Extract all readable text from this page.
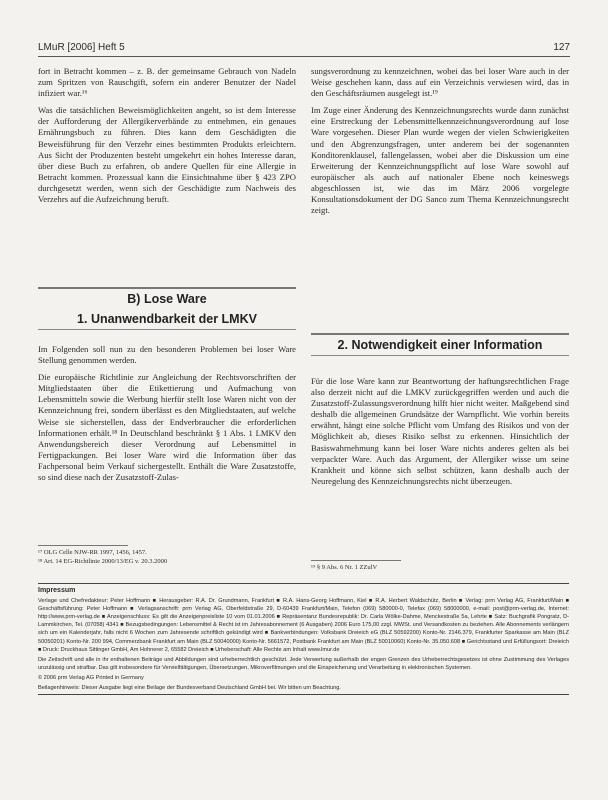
LMuR [2006] Heft 5	127

fort in Betracht kommen – z. B. der gemeinsame Gebrauch von Nadeln zum Spritzen von Rauschgift, sofern ein anderer Benutzer der Nadel infiziert war.¹⁶

Was die tatsächlichen Beweismöglichkeiten angeht, so ist dem Interesse der Aufforderung der Allergikerverbände zu entnehmen, ein genaues Ernährungsbuch zu führen. Dies kann dem Geschädigten die Beweisführung für den Verzehr eines bestimmten Produkts erleichtern. Aus Sicht der Produzenten besteht umgekehrt ein hohes Interesse daran, über diese Buch zu erfahren, ob andere Quellen für eine Allergie in Betracht kommen. Prozessual kann die Einsichtnahme über § 423 ZPO durchgesetzt werden, wenn sich der Geschädigte zum Nachweis des Verzehrs auf die Aufzeichnung beruft.

B) Lose Ware
1. Unanwendbarkeit der LMKV

Im Folgenden soll nun zu den besonderen Problemen bei loser Ware Stellung genommen werden.

Die europäische Richtlinie zur Angleichung der Rechtsvorschriften der Mitgliedstaaten über die Etikettierung und Aufmachung von Lebensmitteln sowie die Werbung hierfür stellt lose Waren nicht von der Kennzeichnung frei, sondern überlässt es den Mitgliedstaaten, auf welche Weise sie sicherstellen, dass der Endverbraucher die erforderlichen Informationen erhält.¹⁸ In Deutschland beschränkt § 1 Abs. 1 LMKV den Anwendungsbereich dieser Verordnung auf Lebensmittel in Fertigpackungen. Bei loser Ware wird die Information über das Fachpersonal beim Verkauf sichergestellt. Enthält die Ware Zusatzstoffe, so sind diese nach der Zusatzstoff-Zulas-

¹⁷ OLG Celle NJW-RR 1997, 1456, 1457.
¹⁸ Art. 14 EG-Richtlinie 2000/13/EG v. 20.3.2000

sungsverordnung zu kennzeichnen, wobei das bei loser Ware auch in der Weise geschehen kann, dass auf ein Verzeichnis verwiesen wird, das in den Geschäftsräumen ausgelegt ist.¹⁹

Im Zuge einer Änderung des Kennzeichnungsrechts wurde dann zunächst eine Erstreckung der Lebensmittelkennzeichnungsverordnung auf lose Ware vorgesehen. Dieser Plan wurde wegen der vielen Schwierigkeiten und den Abgrenzungsfragen, unter anderem bei der sogenannten Konditorenklausel, fallengelassen, wobei aber die Diskussion um eine Erweiterung der Kennzeichnungspflicht auf lose Ware sowohl auf europäischer als auch auf nationaler Ebene noch keineswegs abgeschlossen ist, wie das im März 2006 vorgelegte Konsultationsdokument der DG Sanco zum Thema Kennzeichnungsrecht zeigt.

2. Notwendigkeit einer Information

Für die lose Ware kann zur Beantwortung der haftungsrechtlichen Frage also derzeit nicht auf die LMKV zurückgegriffen werden und auch die Zusatzstoff-Zulassungsverordnung hilft hier nicht weiter. Maßgebend sind deshalb die allgemeinen Grundsätze der Warnpflicht. Wie vorhin bereits erwähnt, hängt eine solche Pflicht vom Umfang des Risikos und von der Möglichkeit ab, dieses Risiko selbst zu erkennen. Hinsichtlich der Basiswahrnehmung kann bei loser Ware nichts anderes gelten als bei verpackter Ware. Auch das Argument, der Allergiker wisse um seine Krankheit und könne sich selbst schützen, kann deshalb auch der Neuregelung des Kennzeichnungsrechts nicht überzeugen.

¹⁹ § 9 Abs. 6 Nr. 1 ZZulV
Impressum

Verlage und Chefredakteur: Peter Hoffmann ■ Herausgeber: R.A. Dr. Grundmann, Frankfurt ■ R.A. Hans-Georg Hoffmann, Kiel ■ R.A. Herbert Waldschütz, Berlin ■ Verlag: prm Verlag AG, Frankfurt/Main ■ Geschäftsführung: Peter Hoffmann ■ Verlagsanschrift: prm Verlag AG, Oberfeldstraße 29, D-60439 Frankfurt/Main, Telefon (069) 580000-0, Telefax (069) 58000000, e-mail: post@prm-verlag.de, Internet: http://www.prm-verlag.de ■ Anzeigenschluss: Es gilt die Anzeigenpreisliste 10 vom 01.01.2006 ■ Repräsentanz Bundesrepublik: Dr. Carla Wölke-Dahme, Menckestraße 5a, Lehrte ■ Satz: Buchgrafik Pongratz, D-Lammkirchen, Tel. (07058) 4341 ■ Bezugsbedingungen: Lebensmittel & Recht ist im Jahresabonnement (6 Ausgaben) 2006 Euro 175,00 zzgl. MWSt. und Versandkosten zu beziehen. Alle Abonnements verlängern sich um ein Kalenderjahr, falls nicht 6 Wochen zum Jahresende schriftlich gekündigt wird ■ Bankverbindungen: Volksbank Dreieich eG (BLZ 50592200) Konto-Nr. 2146.379, Frankfurter Sparkasse am Main (BLZ 50050201) Konto-Nr. 200 994, Commerzbank Frankfurt am Main (BLZ 50040000) Konto-Nr. 5661572, Postbank Frankfurt am Main (BLZ 50010060) Konto-Nr. 35.050.608 ■ Gerichtsstand und Erfüllungsort: Dreieich ■ Druck: Druckhaus Sittinger GmbH, Am Hohnerer 2, 65582 Dreieich ■ Urheberschaft: Alle Rechte am Inhalt www.lmur.de

Die Zeitschrift und alle in ihr enthaltenen Beiträge und Abbildungen sind urheberrechtlich geschützt. Jede Verwertung außerhalb der engen Grenzen des Urheberrechtsgesetzes ist ohne Zustimmung des Verlages unzulässig und strafbar. Das gilt insbesondere für Vervielfältigungen, Übersetzungen, Mikroverfilmungen und die Einspeicherung und Verarbeitung in elektronischen Systemen.

© 2006 prm Verlag AG Printed in Germany

Beilagenhinweis: Dieser Ausgabe liegt eine Beilage der Bundesverband Deutschland GmbH bei. Wir bitten um Beachtung.
